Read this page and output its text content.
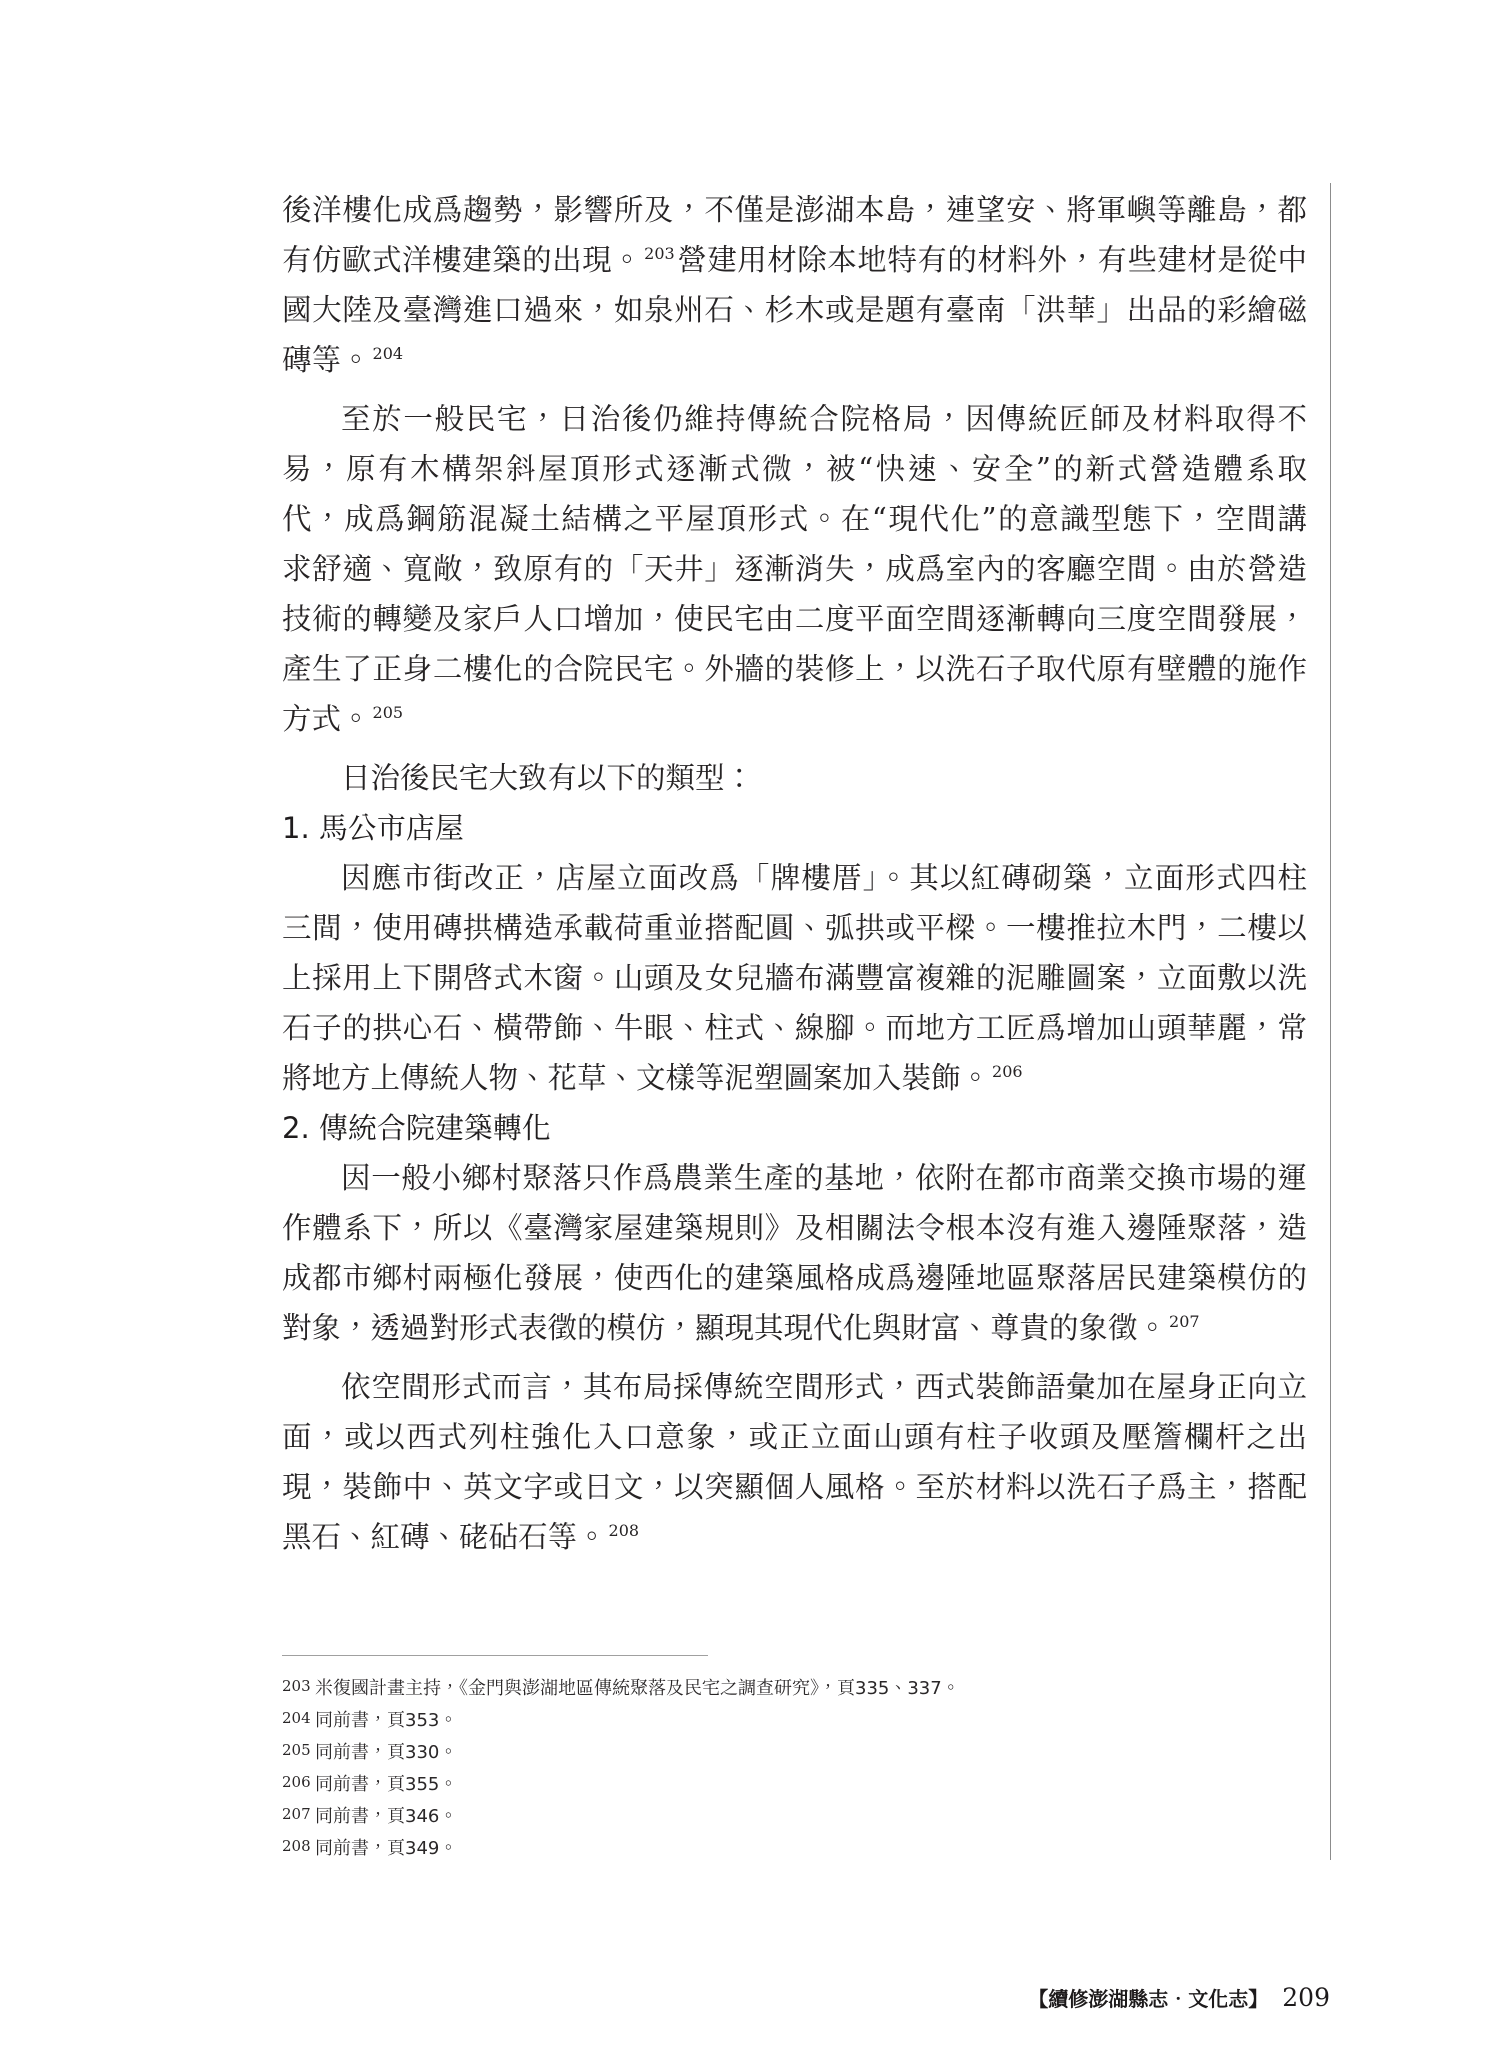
後洋樓化成爲趨勢，影響所及，不僅是澎湖本島，連望安、將軍嶼等離島，都
有仿歐式洋樓建築的出現。 $^{203}$營建用材除本地特有的材料外，有些建材是從中
國大陸及臺灣進口過來，如泉州石、杉木或是題有臺南「洪華」出品的彩繪磁
磚等。 $^{204}$
至於一般民宅，日治後仍維持傳統合院格局，因傳統匠師及材料取得不
易，原有木構架斜屋頂形式逐漸式微，被“快速、安全”的新式營造體系取
代，成爲鋼筋混凝土結構之平屋頂形式。在“現代化”的意識型態下，空間講
求舒適、寬敞，致原有的「天井」逐漸消失，成爲室內的客廳空間。由於營造
技術的轉變及家戶人口增加，使民宅由二度平面空間逐漸轉向三度空間發展，
產生了正身二樓化的合院民宅。外牆的裝修上，以洗石子取代原有壁體的施作
方式。 $^{205}$
日治後民宅大致有以下的類型：
1. 馬公市店屋
因應市街改正，店屋立面改爲「牌樓厝」。其以紅磚砌築，立面形式四柱
三間，使用磚拱構造承載荷重並搭配圓、弧拱或平樑。一樓推拉木門，二樓以
上採用上下開啓式木窗。山頭及女兒牆布滿豐富複雜的泥雕圖案，立面敷以洗
石子的拱心石、橫帶飾、牛眼、柱式、線腳。而地方工匠爲增加山頭華麗，常
將地方上傳統人物、花草、文樣等泥塑圖案加入裝飾。 $^{206}$
2. 傳統合院建築轉化
因一般小鄉村聚落只作爲農業生產的基地，依附在都市商業交換市場的運
作體系下，所以《臺灣家屋建築規則》及相關法令根本沒有進入邊陲聚落，造
成都市鄉村兩極化發展，使西化的建築風格成爲邊陲地區聚落居民建築模仿的
對象，透過對形式表徵的模仿，顯現其現代化與財富、尊貴的象徵。 $^{207}$
依空間形式而言，其布局採傳統空間形式，西式裝飾語彙加在屋身正向立
面，或以西式列柱強化入口意象，或正立面山頭有柱子收頭及壓簷欄杆之出
現，裝飾中、英文字或日文，以突顯個人風格。至於材料以洗石子爲主，搭配
黑石、紅磚、硓砧石等。 $^{208}$
203 米復國計畫主持，《金門與澎湖地區傳統聚落及民宅之調查研究》，頁335、337。
204 同前書，頁353。
205 同前書，頁330。
206 同前書，頁355。
207 同前書，頁346。
208 同前書，頁349。
【續修澎湖縣志‧文化志】 209
